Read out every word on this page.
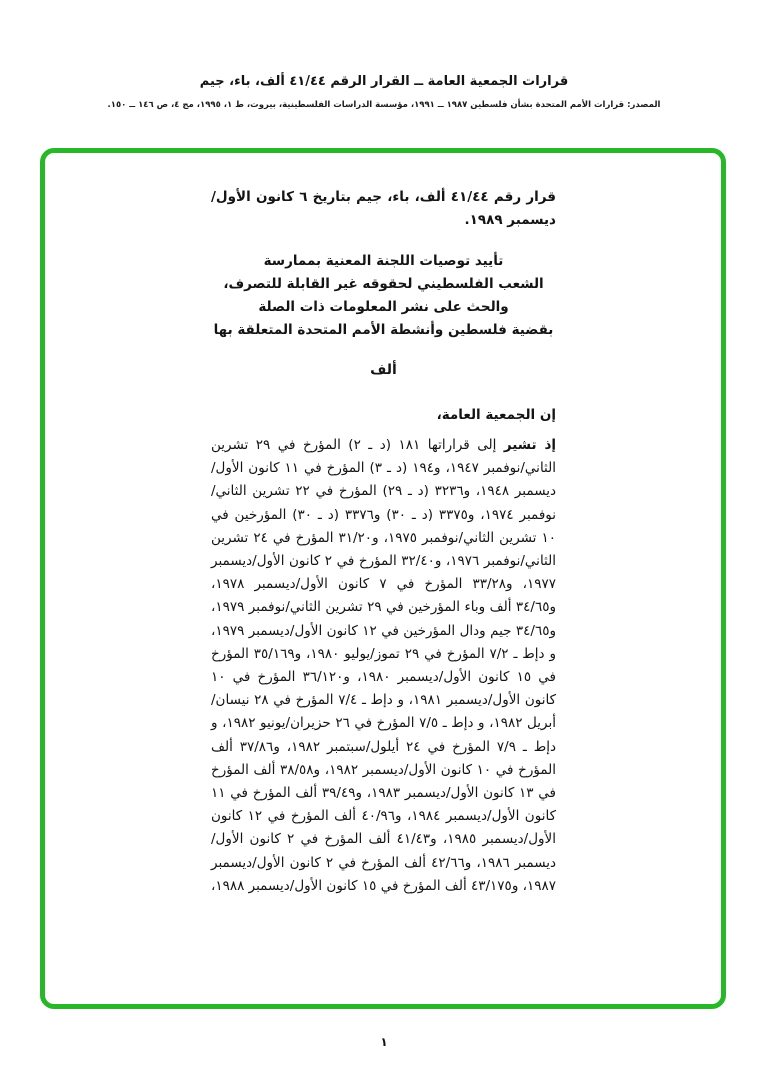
قرارات الجمعية العامة ــ القرار الرقم ٤١/٤٤ ألف، باء، جيم
المصدر: قرارات الأمم المتحدة بشأن فلسطين ١٩٨٧ ــ ١٩٩١، مؤسسة الدراسات الفلسطينية، بيروت، ط ١، ١٩٩٥، مج ٤، ص ١٤٦ ــ ١٥٠.

قرار رقم ٤١/٤٤ ألف، باء، جيم بتاريخ ٦ كانون الأول/ديسمبر ١٩٨٩.

تأييد توصيات اللجنة المعنية بممارسة
الشعب الفلسطيني لحقوقه غير القابلة للتصرف،
والحث على نشر المعلومات ذات الصلة
بقضية فلسطين وأنشطة الأمم المتحدة المتعلقة بها
ألف

إن الجمعية العامة،

إذ تشير إلى قراراتها ١٨١ (د ـ ٢) المؤرخ في ٢٩ تشرين الثاني/نوفمبر ١٩٤٧، و١٩٤ (د ـ ٣) المؤرخ في ١١ كانون الأول/ديسمبر ١٩٤٨، و٣٢٣٦ (د ـ ٢٩) المؤرخ في ٢٢ تشرين الثاني/نوفمبر ١٩٧٤، و٣٣٧٥ (د ـ ٣٠) و٣٣٧٦ (د ـ ٣٠) المؤرخين في ١٠ تشرين الثاني/نوفمبر ١٩٧٥، و٣١/٢٠ المؤرخ في ٢٤ تشرين الثاني/نوفمبر ١٩٧٦، و٣٢/٤٠ المؤرخ في ٢ كانون الأول/ديسمبر ١٩٧٧، و٣٣/٢٨ المؤرخ في ٧ كانون الأول/ديسمبر ١٩٧٨، و٣٤/٦٥ ألف وباء المؤرخين في ٢٩ تشرين الثاني/نوفمبر ١٩٧٩، و٣٤/٦٥ جيم ودال المؤرخين في ١٢ كانون الأول/ديسمبر ١٩٧٩، و دإط ـ ٧/٢ المؤرخ في ٢٩ تموز/يوليو ١٩٨٠، و٣٥/١٦٩ المؤرخ في ١٥ كانون الأول/ديسمبر ١٩٨٠، و٣٦/١٢٠ المؤرخ في ١٠ كانون الأول/ديسمبر ١٩٨١، و دإط ـ ٧/٤ المؤرخ في ٢٨ نيسان/أبريل ١٩٨٢، و دإط ـ ٧/٥ المؤرخ في ٢٦ حزيران/يونيو ١٩٨٢، و دإط ـ ٧/٩ المؤرخ في ٢٤ أيلول/سبتمبر ١٩٨٢، و٣٧/٨٦ ألف المؤرخ في ١٠ كانون الأول/ديسمبر ١٩٨٢، و٣٨/٥٨ ألف المؤرخ في ١٣ كانون الأول/ديسمبر ١٩٨٣، و٣٩/٤٩ ألف المؤرخ في ١١ كانون الأول/ديسمبر ١٩٨٤، و٤٠/٩٦ ألف المؤرخ في ١٢ كانون الأول/ديسمبر ١٩٨٥، و٤١/٤٣ ألف المؤرخ في ٢ كانون الأول/ديسمبر ١٩٨٦، و٤٢/٦٦ ألف المؤرخ في ٢ كانون الأول/ديسمبر ١٩٨٧، و٤٣/١٧٥ ألف المؤرخ في ١٥ كانون الأول/ديسمبر ١٩٨٨،

١
